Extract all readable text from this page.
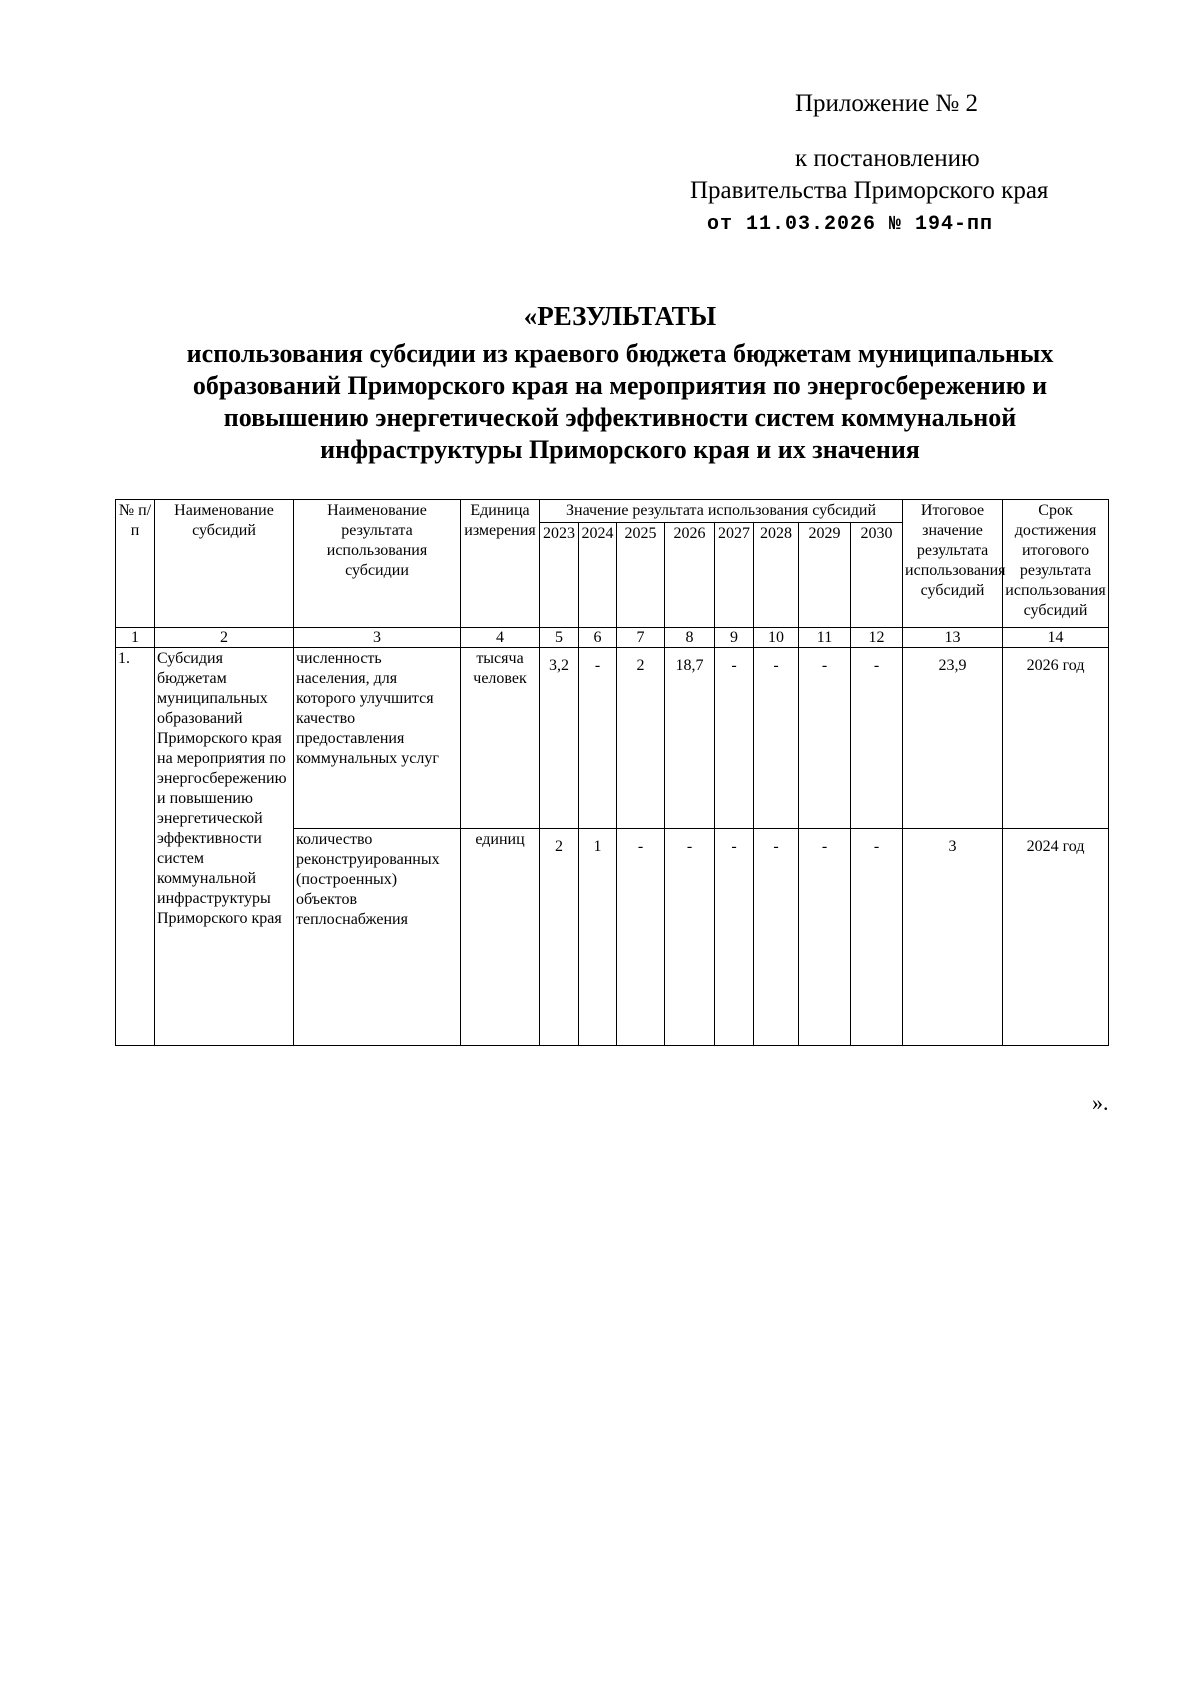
Приложение № 2
к постановлению
Правительства Приморского края
от 11.03.2026 № 194-пп
«РЕЗУЛЬТАТЫ
использования субсидии из краевого бюджета бюджетам муниципальных образований Приморского края на мероприятия по энергосбережению и повышению энергетической эффективности систем коммунальной инфраструктуры Приморского края и их значения
№ п/п	Наименование субсидий	Наименование результата использования субсидии	Единица измерения	Значение результата использования субсидий								Итоговое значение результата использования субсидий	Срок достижения итогового результата использования субсидий
				2023	2024	2025	2026	2027	2028	2029	2030		
1	2	3	4	5	6	7	8	9	10	11	12	13	14
1.	Субсидия бюджетам муниципальных образований Приморского края на мероприятия по энергосбережению и повышению энергетической эффективности систем коммунальной инфраструктуры Приморского края	численность населения, для которого улучшится качество предоставления коммунальных услуг	тысяча человек	3,2	-	2	18,7	-	-	-	-	23,9	2026 год
		количество реконструированных (построенных) объектов теплоснабжения	единиц	2	1	-	-	-	-	-	-	3	2024 год
».
